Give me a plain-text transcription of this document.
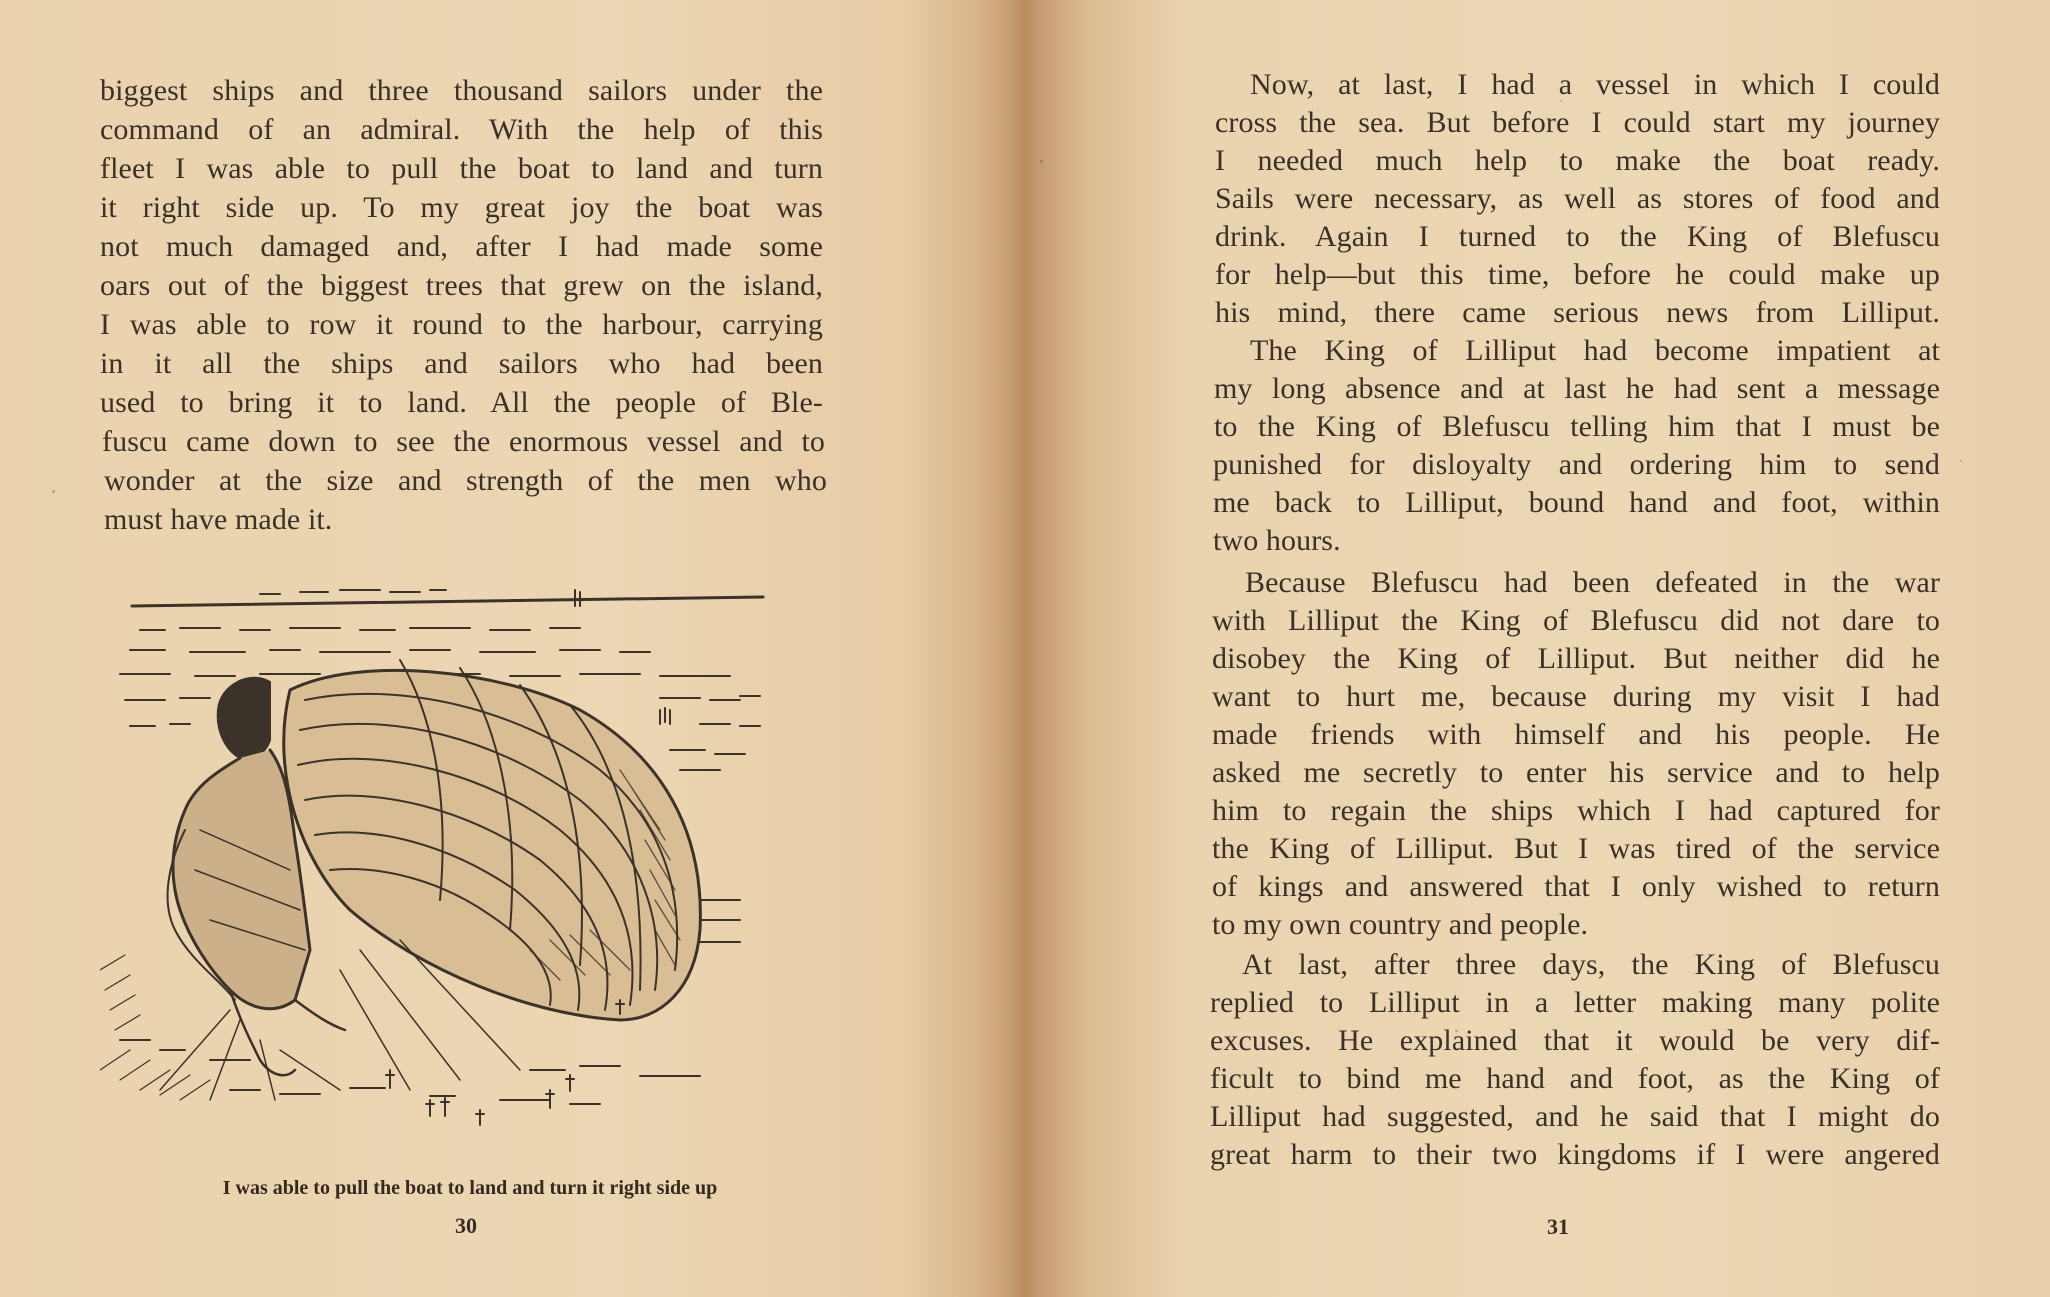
biggest ships and three thousand sailors under the
command of an admiral. With the help of this
fleet I was able to pull the boat to land and turn
it right side up. To my great joy the boat was
not much damaged and, after I had made some
oars out of the biggest trees that grew on the island,
I was able to row it round to the harbour, carrying
in it all the ships and sailors who had been
used to bring it to land. All the people of Ble-
fuscu came down to see the enormous vessel and to
wonder at the size and strength of the men who
must have made it.
I was able to pull the boat to land and turn it right side up
30
Now, at last, I had a vessel in which I could
cross the sea. But before I could start my journey
I needed much help to make the boat ready.
Sails were necessary, as well as stores of food and
drink. Again I turned to the King of Blefuscu
for help—but this time, before he could make up
his mind, there came serious news from Lilliput.
The King of Lilliput had become impatient at
my long absence and at last he had sent a message
to the King of Blefuscu telling him that I must be
punished for disloyalty and ordering him to send
me back to Lilliput, bound hand and foot, within
two hours.
Because Blefuscu had been defeated in the war
with Lilliput the King of Blefuscu did not dare to
disobey the King of Lilliput. But neither did he
want to hurt me, because during my visit I had
made friends with himself and his people. He
asked me secretly to enter his service and to help
him to regain the ships which I had captured for
the King of Lilliput. But I was tired of the service
of kings and answered that I only wished to return
to my own country and people.
At last, after three days, the King of Blefuscu
replied to Lilliput in a letter making many polite
excuses. He explained that it would be very dif-
ficult to bind me hand and foot, as the King of
Lilliput had suggested, and he said that I might do
great harm to their two kingdoms if I were angered
31
